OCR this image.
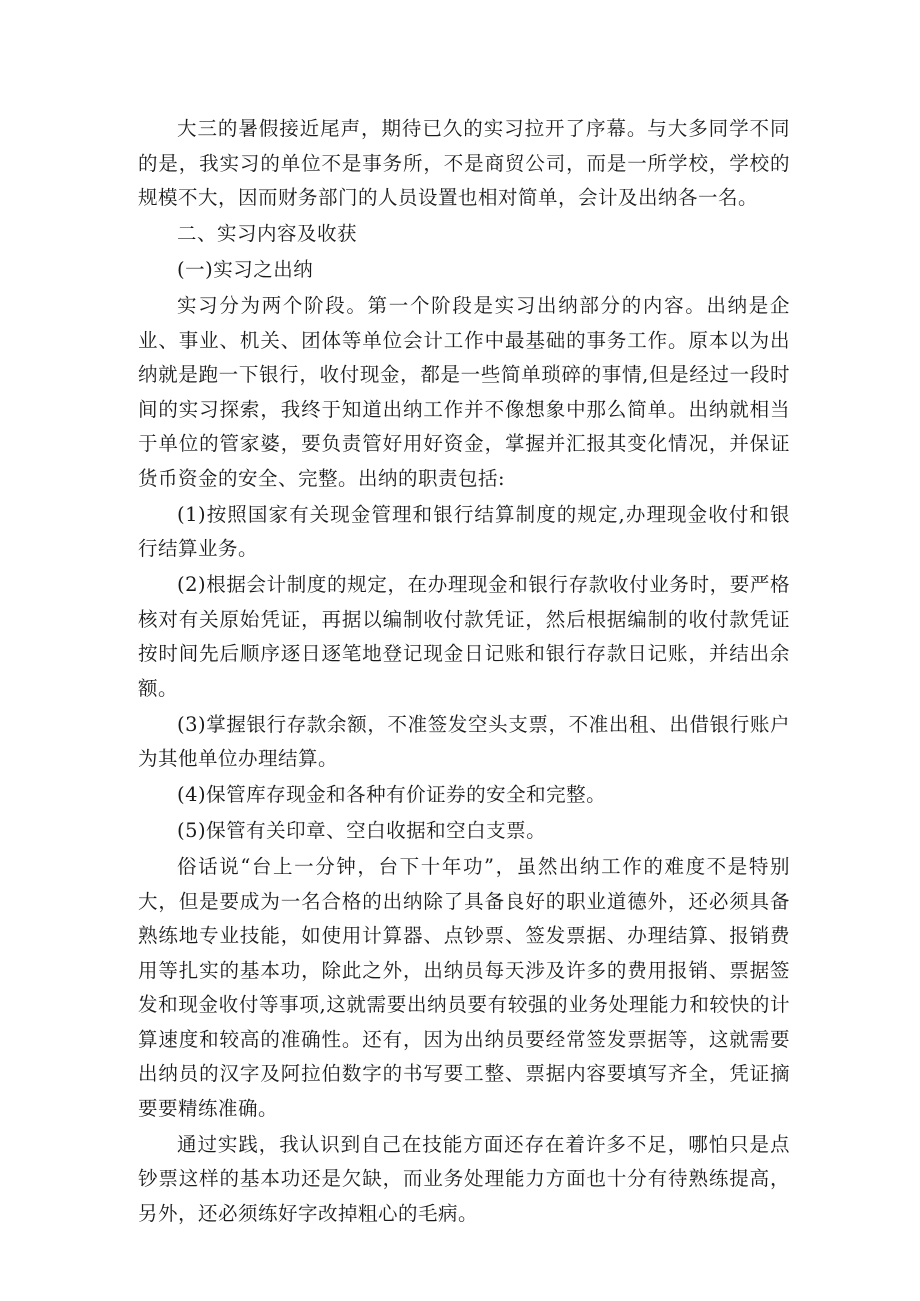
大三的暑假接近尾声，期待已久的实习拉开了序幕。与大多同学不同的是，我实习的单位不是事务所，不是商贸公司，而是一所学校，学校的规模不大，因而财务部门的人员设置也相对简单，会计及出纳各一名。

二、实习内容及收获

(一)实习之出纳

实习分为两个阶段。第一个阶段是实习出纳部分的内容。出纳是企业、事业、机关、团体等单位会计工作中最基础的事务工作。原本以为出纳就是跑一下银行，收付现金，都是一些简单琐碎的事情,但是经过一段时间的实习探索，我终于知道出纳工作并不像想象中那么简单。出纳就相当于单位的管家婆，要负责管好用好资金，掌握并汇报其变化情况，并保证货币资金的安全、完整。出纳的职责包括:

(1)按照国家有关现金管理和银行结算制度的规定,办理现金收付和银行结算业务。

(2)根据会计制度的规定，在办理现金和银行存款收付业务时，要严格核对有关原始凭证，再据以编制收付款凭证，然后根据编制的收付款凭证按时间先后顺序逐日逐笔地登记现金日记账和银行存款日记账，并结出余额。

(3)掌握银行存款余额，不准签发空头支票，不准出租、出借银行账户为其他单位办理结算。

(4)保管库存现金和各种有价证券的安全和完整。

(5)保管有关印章、空白收据和空白支票。

俗话说“台上一分钟，台下十年功”，虽然出纳工作的难度不是特别大，但是要成为一名合格的出纳除了具备良好的职业道德外，还必须具备熟练地专业技能，如使用计算器、点钞票、签发票据、办理结算、报销费用等扎实的基本功，除此之外，出纳员每天涉及许多的费用报销、票据签发和现金收付等事项,这就需要出纳员要有较强的业务处理能力和较快的计算速度和较高的准确性。还有，因为出纳员要经常签发票据等，这就需要出纳员的汉字及阿拉伯数字的书写要工整、票据内容要填写齐全，凭证摘要要精练准确。

通过实践，我认识到自己在技能方面还存在着许多不足，哪怕只是点钞票这样的基本功还是欠缺，而业务处理能力方面也十分有待熟练提高，另外，还必须练好字改掉粗心的毛病。
